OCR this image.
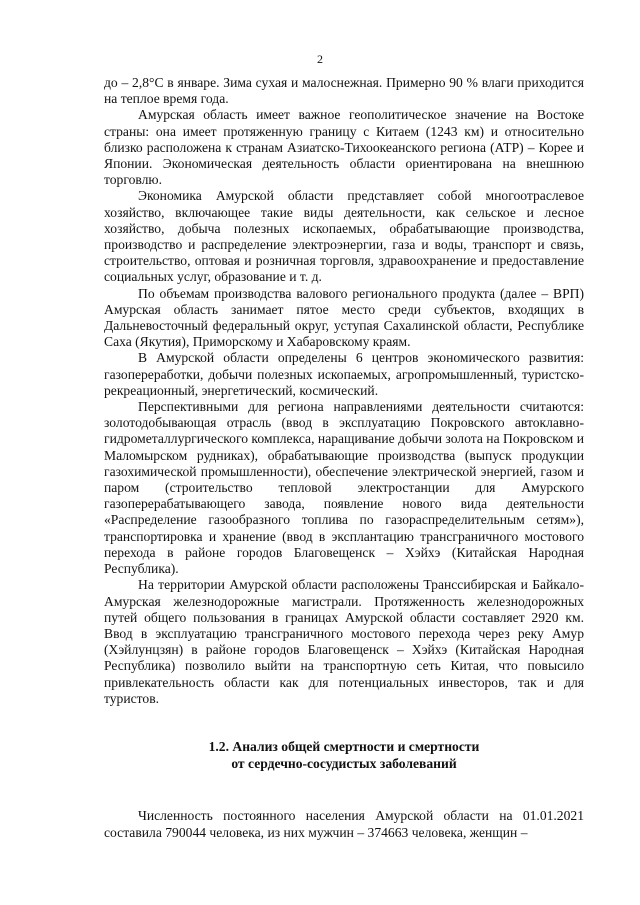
2

до – 2,8°С в январе. Зима сухая и малоснежная. Примерно 90 % влаги приходится на теплое время года.

Амурская область имеет важное геополитическое значение на Востоке страны: она имеет протяженную границу с Китаем (1243 км) и относительно близко расположена к странам Азиатско-Тихоокеанского региона (АТР) – Корее и Японии. Экономическая деятельность области ориентирована на внешнюю торговлю.

Экономика Амурской области представляет собой многоотраслевое хозяйство, включающее такие виды деятельности, как сельское и лесное хозяйство, добыча полезных ископаемых, обрабатывающие производства, производство и распределение электроэнергии, газа и воды, транспорт и связь, строительство, оптовая и розничная торговля, здравоохранение и предоставление социальных услуг, образование и т. д.

По объемам производства валового регионального продукта (далее – ВРП) Амурская область занимает пятое место среди субъектов, входящих в Дальневосточный федеральный округ, уступая Сахалинской области, Республике Саха (Якутия), Приморскому и Хабаровскому краям.

В Амурской области определены 6 центров экономического развития: газопереработки, добычи полезных ископаемых, агропромышленный, туристско-рекреационный, энергетический, космический.

Перспективными для региона направлениями деятельности считаются: золотодобывающая отрасль (ввод в эксплуатацию Покровского автоклавно-гидрометаллургического комплекса, наращивание добычи золота на Покровском и Маломырском рудниках), обрабатывающие производства (выпуск продукции газохимической промышленности), обеспечение электрической энергией, газом и паром (строительство тепловой электростанции для Амурского газоперерабатывающего завода, появление нового вида деятельности «Распределение газообразного топлива по газораспределительным сетям»), транспортировка и хранение (ввод в эксплантацию трансграничного мостового перехода в районе городов Благовещенск – Хэйхэ (Китайская Народная Республика).

На территории Амурской области расположены Транссибирская и Байкало-Амурская железнодорожные магистрали. Протяженность железнодорожных путей общего пользования в границах Амурской области составляет 2920 км. Ввод в эксплуатацию трансграничного мостового перехода через реку Амур (Хэйлунцзян) в районе городов Благовещенск – Хэйхэ (Китайская Народная Республика) позволило выйти на транспортную сеть Китая, что повысило привлекательность области как для потенциальных инвесторов, так и для туристов.

1.2. Анализ общей смертности и смертности
от сердечно-сосудистых заболеваний

Численность постоянного населения Амурской области на 01.01.2021 составила 790044 человека, из них мужчин – 374663 человека, женщин –
